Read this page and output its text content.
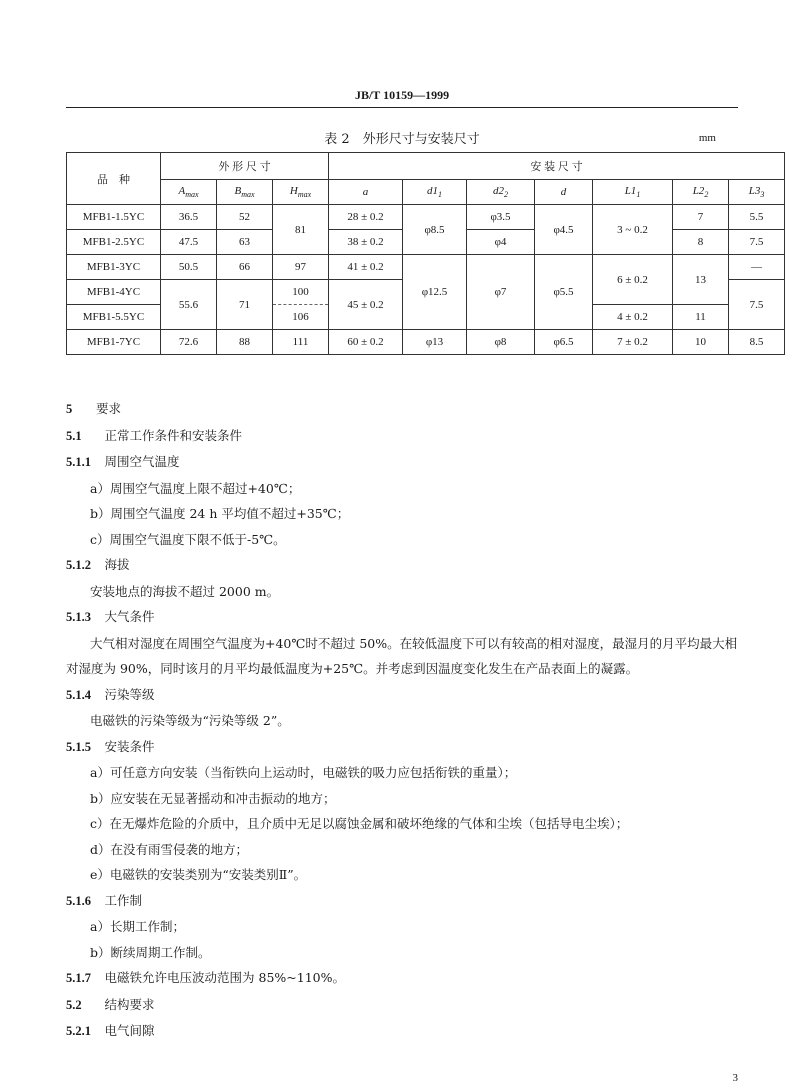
JB/T 10159—1999
表 2　外形尺寸与安装尺寸	mm
品　种	外 形 尺 寸			安 装 尺 寸						
	$A_{max}$	$B_{max}$	$H_{max}$	a	$d1_1$	$d2_2$	d	$L1_1$	$L2_2$	$L3_3$
MFB1-1.5YC	36.5	52	81	28 ± 0.2	φ8.5	φ3.5	φ4.5	3 ~ 0.2	7	5.5
MFB1-2.5YC	47.5	63		38 ± 0.2		φ4			8	7.5
MFB1-3YC	50.5	66	97	41 ± 0.2	φ12.5	φ7	φ5.5	6 ± 0.2	13	—
MFB1-4YC	55.6	71	100	45 ± 0.2						7.5
MFB1-5.5YC			106					4 ± 0.2	11	
MFB1-7YC	72.6	88	111	60 ± 0.2	φ13	φ8	φ6.5	7 ± 0.2	10	8.5

5 要求

5.1　 正常工作条件和安装条件

5.1.1　 周围空气温度

a）周围空气温度上限不超过+40℃；

b）周围空气温度 24 h 平均值不超过+35℃；

c）周围空气温度下限不低于-5℃。

5.1.2　 海拔

安装地点的海拔不超过 2000 m。

5.1.3　 大气条件

大气相对湿度在周围空气温度为+40℃时不超过 50%。在较低温度下可以有较高的相对湿度，最湿月的月平均最大相对湿度为 90%，同时该月的月平均最低温度为+25℃。并考虑到因温度变化发生在产品表面上的凝露。

5.1.4　 污染等级

电磁铁的污染等级为“污染等级 2”。

5.1.5　 安装条件

a）可任意方向安装（当衔铁向上运动时，电磁铁的吸力应包括衔铁的重量）；

b）应安装在无显著摇动和冲击振动的地方；

c）在无爆炸危险的介质中，且介质中无足以腐蚀金属和破坏绝缘的气体和尘埃（包括导电尘埃）；

d）在没有雨雪侵袭的地方；

e）电磁铁的安装类别为“安装类别Ⅱ”。

5.1.6　 工作制

a）长期工作制；

b）断续周期工作制。

5.1.7　 电磁铁允许电压波动范围为 85%~110%。

5.2　 结构要求

5.2.1　 电气间隙

3
